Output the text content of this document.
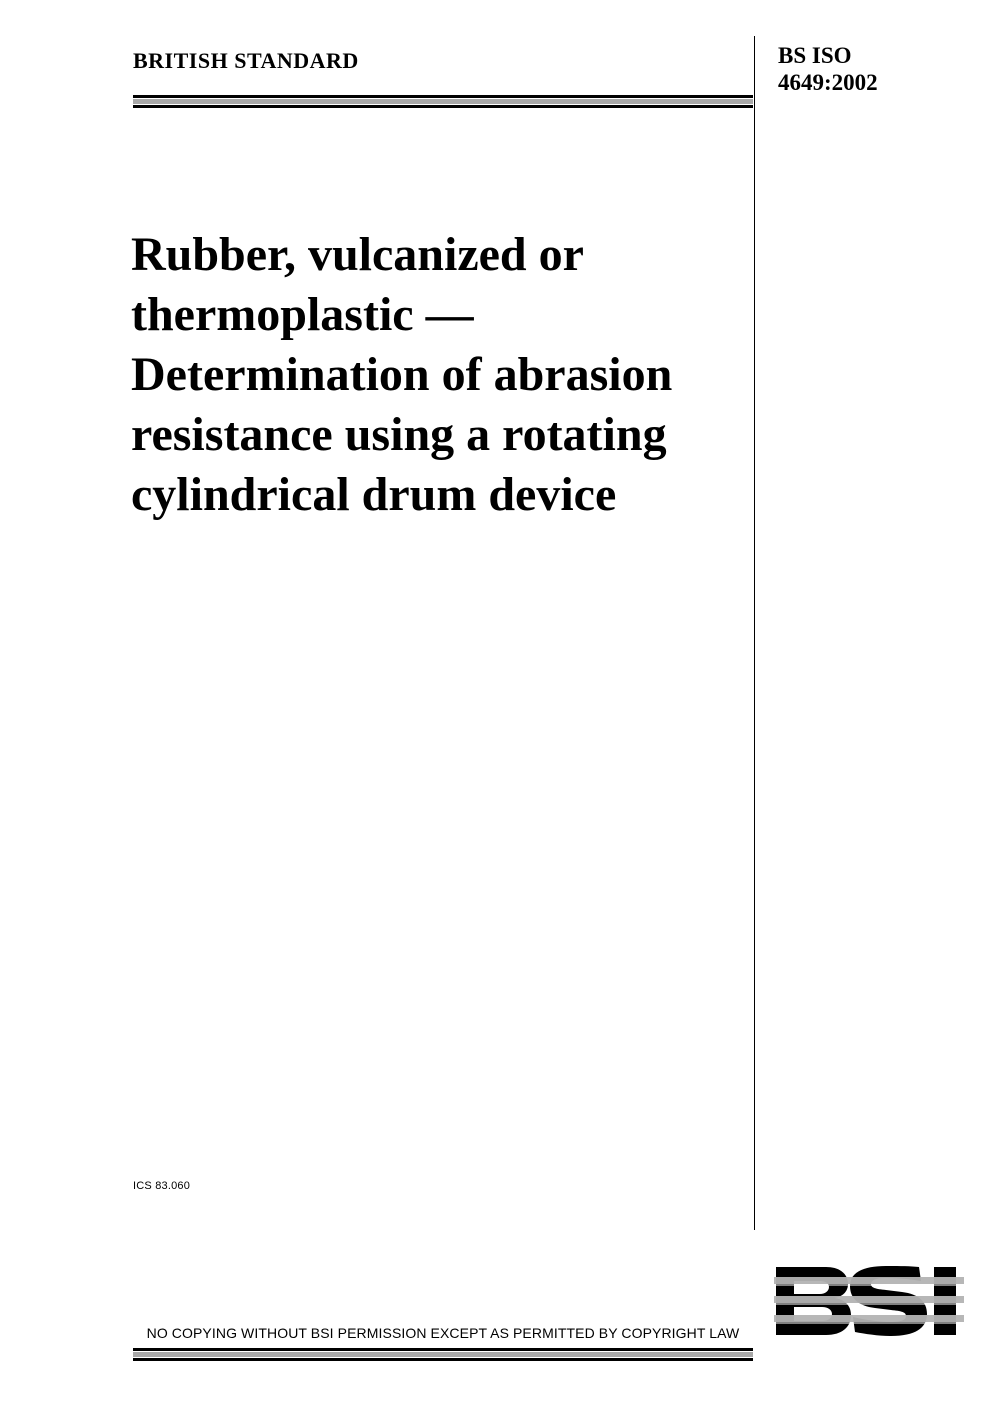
BRITISH STANDARD	BS ISO
4649:2002
Rubber, vulcanized or thermoplastic — Determination of abrasion resistance using a rotating cylindrical drum device
ICS 83.060
NO COPYING WITHOUT BSI PERMISSION EXCEPT AS PERMITTED BY COPYRIGHT LAW
